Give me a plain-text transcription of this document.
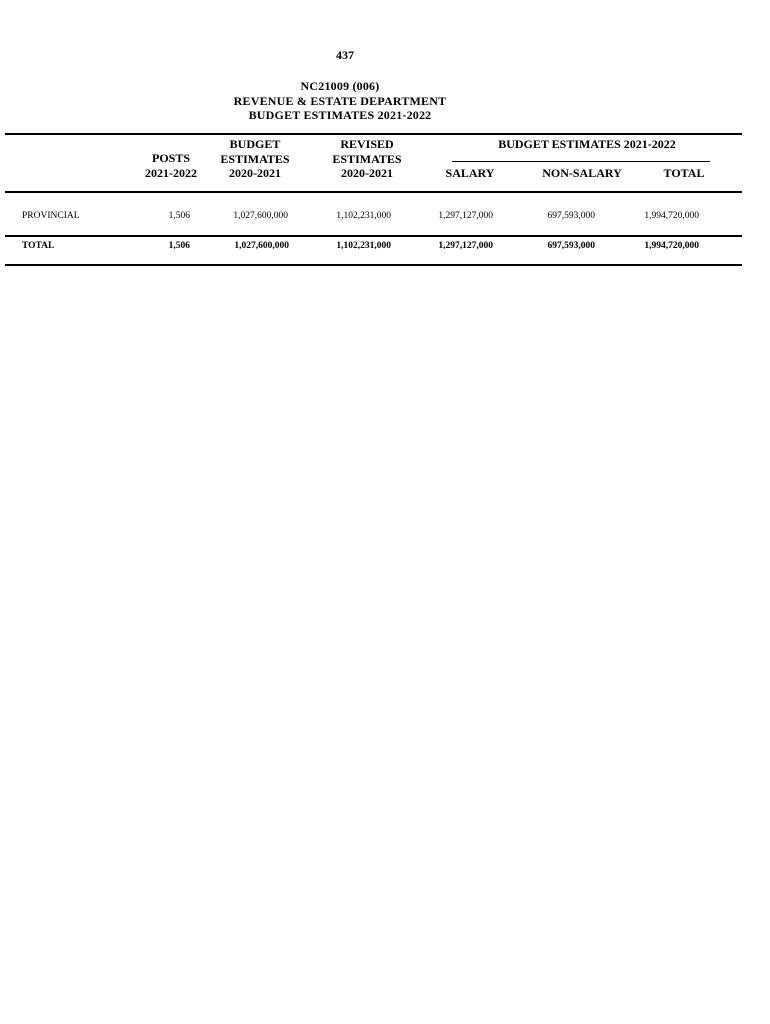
437
NC21009 (006)
REVENUE & ESTATE DEPARTMENT
BUDGET ESTIMATES 2021-2022
POSTS
2021-2022
BUDGET
ESTIMATES
2020-2021
REVISED
ESTIMATES
2020-2021
BUDGET ESTIMATES 2021-2022
SALARY	NON-SALARY	TOTAL
PROVINCIAL	1,506	1,027,600,000	1,102,231,000	1,297,127,000	697,593,000	1,994,720,000
TOTAL	1,506	1,027,600,000	1,102,231,000	1,297,127,000	697,593,000	1,994,720,000
